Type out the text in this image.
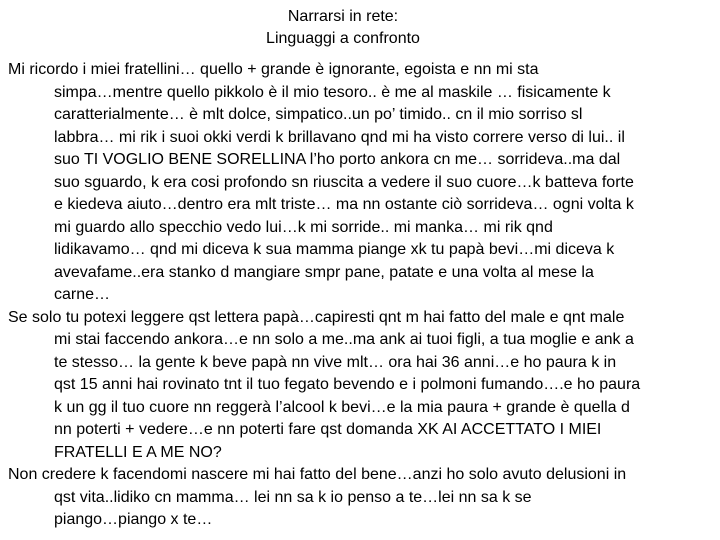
Narrarsi in rete:
Linguaggi a confronto

Mi ricordo i miei fratellini… quello + grande è ignorante, egoista e nn mi sta
simpa…mentre quello pikkolo è il mio tesoro.. è me al maskile … fisicamente k
caratterialmente… è mlt dolce, simpatico..un po’ timido.. cn il mio sorriso sl
labbra… mi rik i suoi okki verdi k brillavano qnd mi ha visto correre verso di lui.. il
suo TI VOGLIO BENE SORELLINA l’ho porto ankora cn me… sorrideva..ma dal
suo sguardo, k era cosi profondo sn riuscita a vedere il suo cuore…k batteva forte
e kiedeva aiuto…dentro era mlt triste… ma nn ostante ciò sorrideva… ogni volta k
mi guardo allo specchio vedo lui…k mi sorride.. mi manka… mi rik qnd
lidikavamo… qnd mi diceva k sua mamma piange xk tu papà bevi…mi diceva k
avevafame..era stanko d mangiare smpr pane, patate e una volta al mese la
carne…

Se solo tu potexi leggere qst lettera papà…capiresti qnt m hai fatto del male e qnt male
mi stai faccendo ankora…e nn solo a me..ma ank ai tuoi figli, a tua moglie e ank a
te stesso… la gente k beve papà nn vive mlt… ora hai 36 anni…e ho paura k in
qst 15 anni hai rovinato tnt il tuo fegato bevendo e i polmoni fumando….e ho paura
k un gg il tuo cuore nn reggerà l’alcool k bevi…e la mia paura + grande è quella d
nn poterti + vedere…e nn poterti fare qst domanda XK AI ACCETTATO I MIEI
FRATELLI E A ME NO?

Non credere k facendomi nascere mi hai fatto del bene…anzi ho solo avuto delusioni in
qst vita..lidiko cn mamma… lei nn sa k io penso a te…lei nn sa k se
piango…piango x te…
